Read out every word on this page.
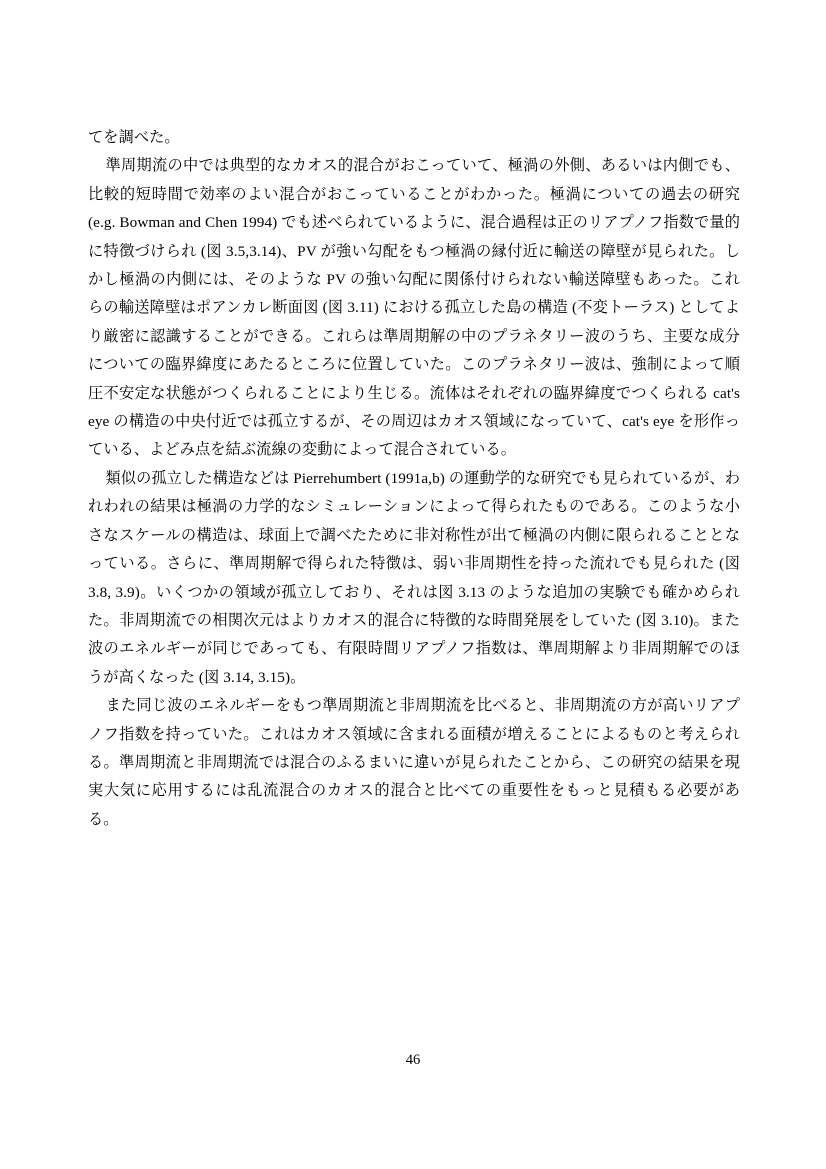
てを調べた。

準周期流の中では典型的なカオス的混合がおこっていて、極渦の外側、あるいは内側でも、比較的短時間で効率のよい混合がおこっていることがわかった。極渦についての過去の研究 (e.g. Bowman and Chen 1994) でも述べられているように、混合過程は正のリアプノフ指数で量的に特徴づけられ (図 3.5,3.14)、PV が強い勾配をもつ極渦の縁付近に輸送の障壁が見られた。しかし極渦の内側には、そのような PV の強い勾配に関係付けられない輸送障壁もあった。これらの輸送障壁はポアンカレ断面図 (図 3.11) における孤立した島の構造 (不変トーラス) としてより厳密に認識することができる。これらは準周期解の中のプラネタリー波のうち、主要な成分についての臨界緯度にあたるところに位置していた。このプラネタリー波は、強制によって順圧不安定な状態がつくられることにより生じる。流体はそれぞれの臨界緯度でつくられる cat's eye の構造の中央付近では孤立するが、その周辺はカオス領域になっていて、cat's eye を形作っている、よどみ点を結ぶ流線の変動によって混合されている。

類似の孤立した構造などは Pierrehumbert (1991a,b) の運動学的な研究でも見られているが、われわれの結果は極渦の力学的なシミュレーションによって得られたものである。このような小さなスケールの構造は、球面上で調べたために非対称性が出て極渦の内側に限られることとなっている。さらに、準周期解で得られた特徴は、弱い非周期性を持った流れでも見られた (図 3.8, 3.9)。いくつかの領域が孤立しており、それは図 3.13 のような追加の実験でも確かめられた。非周期流での相関次元はよりカオス的混合に特徴的な時間発展をしていた (図 3.10)。また波のエネルギーが同じであっても、有限時間リアプノフ指数は、準周期解より非周期解でのほうが高くなった (図 3.14, 3.15)。

また同じ波のエネルギーをもつ準周期流と非周期流を比べると、非周期流の方が高いリアプノフ指数を持っていた。これはカオス領域に含まれる面積が増えることによるものと考えられる。準周期流と非周期流では混合のふるまいに違いが見られたことから、この研究の結果を現実大気に応用するには乱流混合のカオス的混合と比べての重要性をもっと見積もる必要がある。

46
